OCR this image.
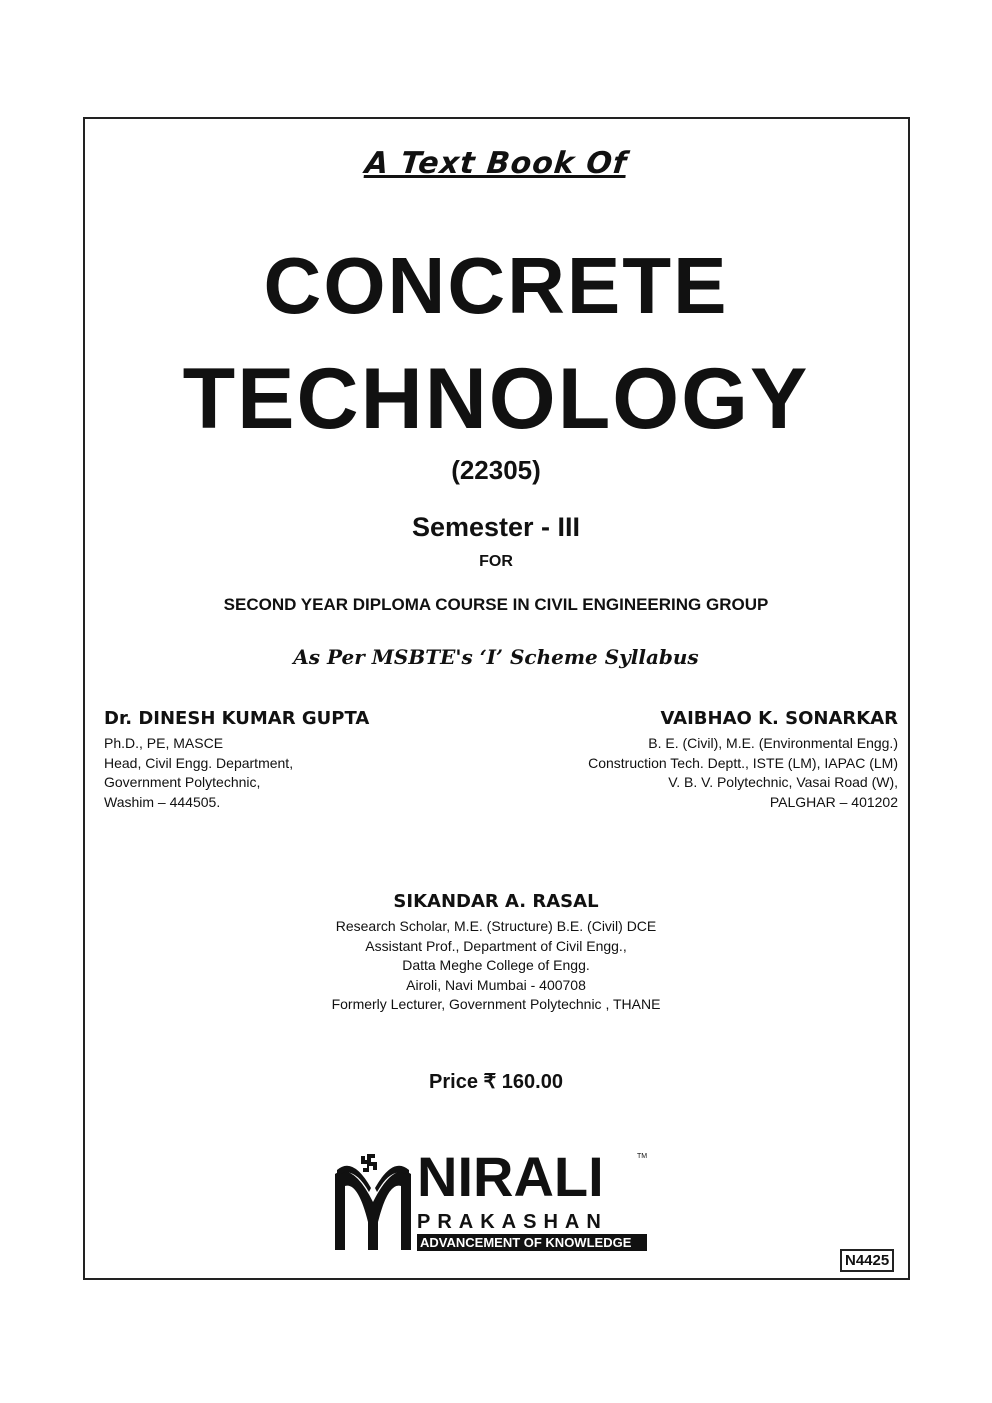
A Text Book Of
CONCRETE
TECHNOLOGY
(22305)
Semester - III
FOR
SECOND YEAR DIPLOMA COURSE IN CIVIL ENGINEERING GROUP
As Per MSBTE's ‘I’ Scheme Syllabus
Dr. DINESH KUMAR GUPTA
Ph.D., PE, MASCE
Head, Civil Engg. Department,
Government Polytechnic,
Washim – 444505.
VAIBHAO K. SONARKAR
B. E. (Civil), M.E. (Environmental Engg.)
Construction Tech. Deptt., ISTE (LM), IAPAC (LM)
V. B. V. Polytechnic, Vasai Road (W),
PALGHAR – 401202
SIKANDAR A. RASAL
Research Scholar, M.E. (Structure) B.E. (Civil) DCE
Assistant Prof., Department of Civil Engg.,
Datta Meghe College of Engg.
Airoli, Navi Mumbai - 400708
Formerly Lecturer, Government Polytechnic , THANE
Price ₹ 160.00
NIRALI	TM
PRAKASHAN
ADVANCEMENT OF KNOWLEDGE
N4425
